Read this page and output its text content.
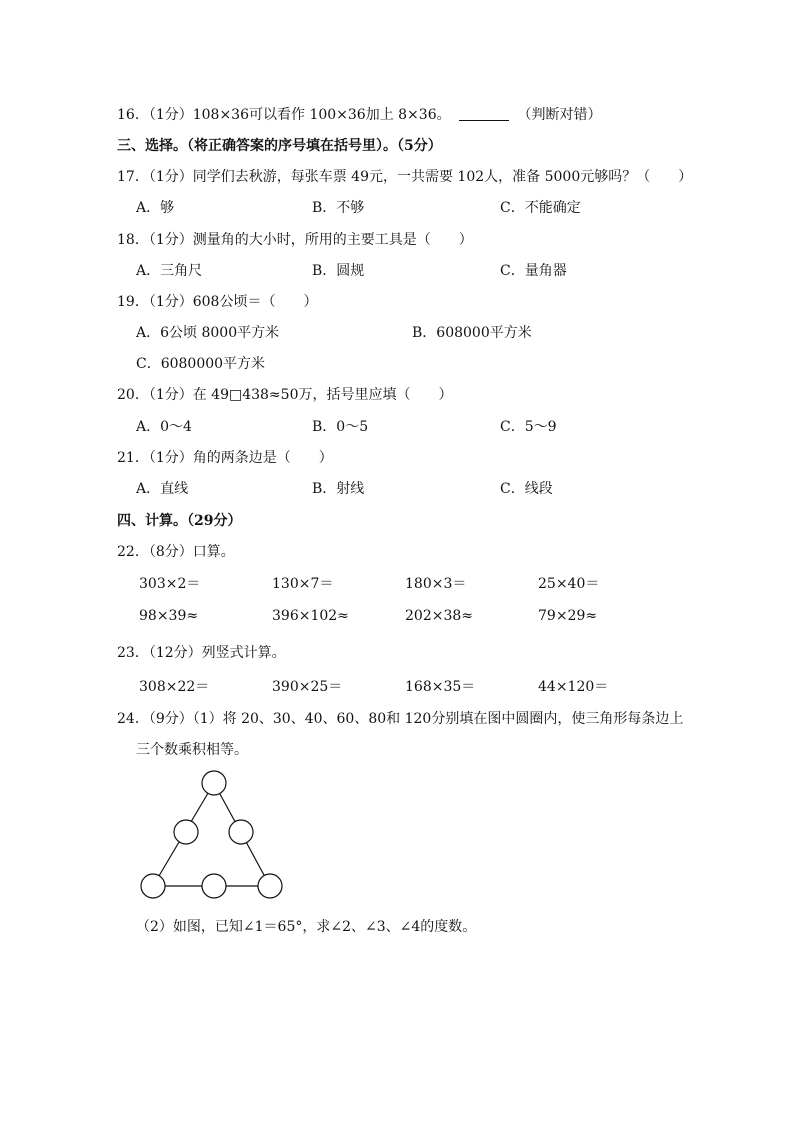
16．（1分）108×36可以看作 100×36加上 8×36。	（判断对错）
三、选择。（将正确答案的序号填在括号里）。（5分）
17．（1分）同学们去秋游，每张车票 49元，一共需要 102人，准备 5000元够吗？（　　）
A．够	B．不够	C．不能确定
18．（1分）测量角的大小时，所用的主要工具是（　　）
A．三角尺	B．圆规	C．量角器
19．（1分）608公顷＝（　　）
A．6公顷 8000平方米	B．608000平方米
C．6080000平方米
20．（1分）在 49□438≈50万，括号里应填（　　）
A．0～4	B．0～5	C．5～9
21．（1分）角的两条边是（　　）
A．直线	B．射线	C．线段
四、计算。（29分）
22．（8分）口算。
303×2＝	130×7＝	180×3＝	25×40＝
98×39≈	396×102≈	202×38≈	79×29≈
23．（12分）列竖式计算。
308×22＝	390×25＝	168×35＝	44×120＝
24．（9分）（1）将 20、30、40、60、80和 120分别填在图中圆圈内，使三角形每条边上
三个数乘积相等。
（2）如图，已知∠1＝65°，求∠2、∠3、∠4的度数。
